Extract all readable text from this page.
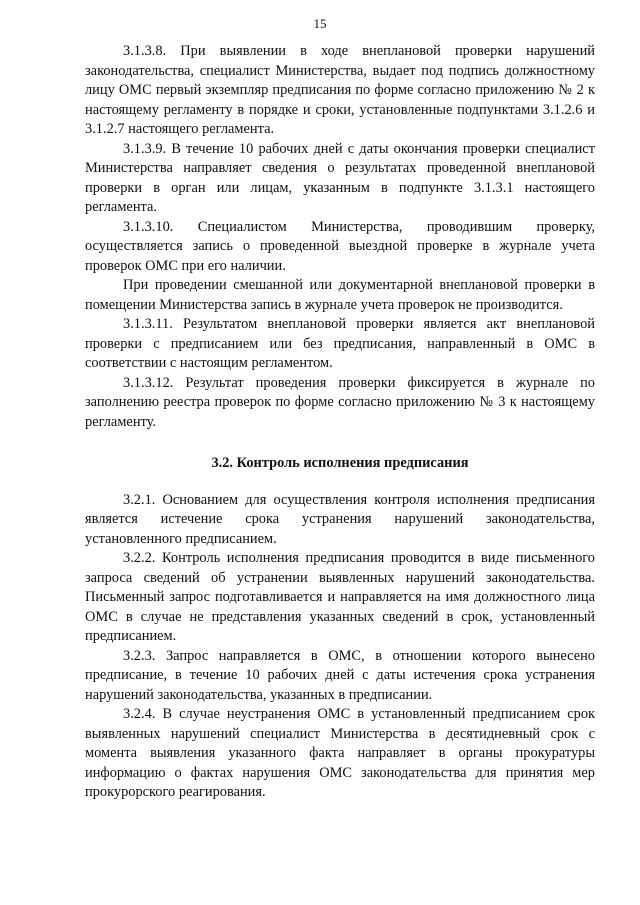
15

3.1.3.8. При выявлении в ходе внеплановой проверки нарушений законодательства, специалист Министерства, выдает под подпись должностному лицу ОМС первый экземпляр предписания по форме согласно приложению № 2 к настоящему регламенту в порядке и сроки, установленные подпунктами 3.1.2.6 и 3.1.2.7 настоящего регламента.

3.1.3.9. В течение 10 рабочих дней с даты окончания проверки специалист Министерства направляет сведения о результатах проведенной внеплановой проверки в орган или лицам, указанным в подпункте 3.1.3.1 настоящего регламента.

3.1.3.10. Специалистом Министерства, проводившим проверку, осуществляется запись о проведенной выездной проверке в журнале учета проверок ОМС при его наличии.

При проведении смешанной или документарной внеплановой проверки в помещении Министерства запись в журнале учета проверок не производится.

3.1.3.11. Результатом внеплановой проверки является акт внеплановой проверки с предписанием или без предписания, направленный в ОМС в соответствии с настоящим регламентом.

3.1.3.12. Результат проведения проверки фиксируется в журнале по заполнению реестра проверок по форме согласно приложению № 3 к настоящему регламенту.

3.2. Контроль исполнения предписания

3.2.1. Основанием для осуществления контроля исполнения предписания является истечение срока устранения нарушений законодательства, установленного предписанием.

3.2.2. Контроль исполнения предписания проводится в виде письменного запроса сведений об устранении выявленных нарушений законодательства. Письменный запрос подготавливается и направляется на имя должностного лица ОМС в случае не представления указанных сведений в срок, установленный предписанием.

3.2.3. Запрос направляется в ОМС, в отношении которого вынесено предписание, в течение 10 рабочих дней с даты истечения срока устранения нарушений законодательства, указанных в предписании.

3.2.4. В случае неустранения ОМС в установленный предписанием срок выявленных нарушений специалист Министерства в десятидневный срок с момента выявления указанного факта направляет в органы прокуратуры информацию о фактах нарушения ОМС законодательства для принятия мер прокурорского реагирования.
